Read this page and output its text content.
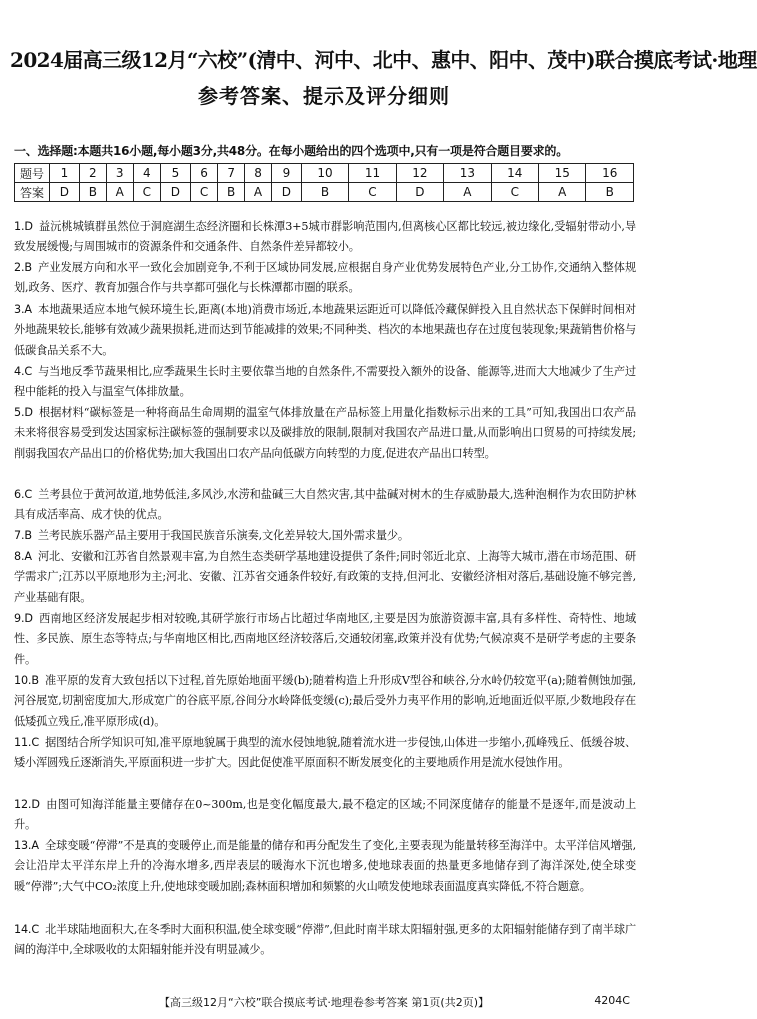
2024届高三级12月“六校”(清中、河中、北中、惠中、阳中、茂中)联合摸底考试·地理
参考答案、提示及评分细则
一、选择题:本题共16小题,每小题3分,共48分。在每小题给出的四个选项中,只有一项是符合题目要求的。
题号	1	2	3	4	5	6	7	8	9	10	11	12	13	14	15	16
答案	D	B	A	C	D	C	B	A	D	B	C	D	A	C	A	B
1.D 益沅桃城镇群虽然位于洞庭湖生态经济圈和长株潭3+5城市群影响范围内,但离核心区都比较远,被边缘化,受辐射带动小,导致发展缓慢;与周围城市的资源条件和交通条件、自然条件差异都较小。
2.B 产业发展方向和水平一致化会加剧竞争,不利于区域协同发展,应根据自身产业优势发展特色产业,分工协作,交通纳入整体规划,政务、医疗、教育加强合作与共享都可强化与长株潭都市圈的联系。
3.A 本地蔬果适应本地气候环境生长,距离(本地)消费市场近,本地蔬果运距近可以降低冷藏保鲜投入且自然状态下保鲜时间相对外地蔬果较长,能够有效减少蔬果损耗,进而达到节能减排的效果;不同种类、档次的本地果蔬也存在过度包装现象;果蔬销售价格与低碳食品关系不大。
4.C 与当地反季节蔬果相比,应季蔬果生长时主要依靠当地的自然条件,不需要投入额外的设备、能源等,进而大大地减少了生产过程中能耗的投入与温室气体排放量。
5.D 根据材料“碳标签是一种将商品生命周期的温室气体排放量在产品标签上用量化指数标示出来的工具”可知,我国出口农产品未来将很容易受到发达国家标注碳标签的强制要求以及碳排放的限制,限制对我国农产品进口量,从而影响出口贸易的可持续发展;削弱我国农产品出口的价格优势;加大我国出口农产品向低碳方向转型的力度,促进农产品出口转型。
6.C 兰考县位于黄河故道,地势低洼,多风沙,水涝和盐碱三大自然灾害,其中盐碱对树木的生存威胁最大,选种泡桐作为农田防护林具有成活率高、成才快的优点。
7.B 兰考民族乐器产品主要用于我国民族音乐演奏,文化差异较大,国外需求量少。
8.A 河北、安徽和江苏省自然景观丰富,为自然生态类研学基地建设提供了条件;同时邻近北京、上海等大城市,潜在市场范围、研学需求广;江苏以平原地形为主;河北、安徽、江苏省交通条件较好,有政策的支持,但河北、安徽经济相对落后,基础设施不够完善,产业基础有限。
9.D 西南地区经济发展起步相对较晚,其研学旅行市场占比超过华南地区,主要是因为旅游资源丰富,具有多样性、奇特性、地域性、多民族、原生态等特点;与华南地区相比,西南地区经济较落后,交通较闭塞,政策并没有优势;气候凉爽不是研学考虑的主要条件。
10.B 准平原的发育大致包括以下过程,首先原始地面平缓(b);随着构造上升形成V型谷和峡谷,分水岭仍较宽平(a);随着侧蚀加强,河谷展宽,切割密度加大,形成宽广的谷底平原,谷间分水岭降低变缓(c);最后受外力夷平作用的影响,近地面近似平原,少数地段存在低矮孤立残丘,准平原形成(d)。
11.C 据图结合所学知识可知,准平原地貌属于典型的流水侵蚀地貌,随着流水进一步侵蚀,山体进一步缩小,孤峰残丘、低缓谷坡、矮小浑圆残丘逐渐消失,平原面积进一步扩大。因此促使准平原面积不断发展变化的主要地质作用是流水侵蚀作用。
12.D 由图可知海洋能量主要储存在0~300m,也是变化幅度最大,最不稳定的区域;不同深度储存的能量不是逐年,而是波动上升。
13.A 全球变暖“停滞”不是真的变暖停止,而是能量的储存和再分配发生了变化,主要表现为能量转移至海洋中。太平洋信风增强,会让沿岸太平洋东岸上升的冷海水增多,西岸表层的暖海水下沉也增多,使地球表面的热量更多地储存到了海洋深处,使全球变暖“停滞”;大气中CO₂浓度上升,使地球变暖加剧;森林面积增加和频繁的火山喷发使地球表面温度真实降低,不符合题意。
14.C 北半球陆地面积大,在冬季时大面积积温,使全球变暖“停滞”,但此时南半球太阳辐射强,更多的太阳辐射能储存到了南半球广阔的海洋中,全球吸收的太阳辐射能并没有明显减少。
【高三级12月“六校”联合摸底考试·地理卷参考答案 第1页(共2页)】	4204C
